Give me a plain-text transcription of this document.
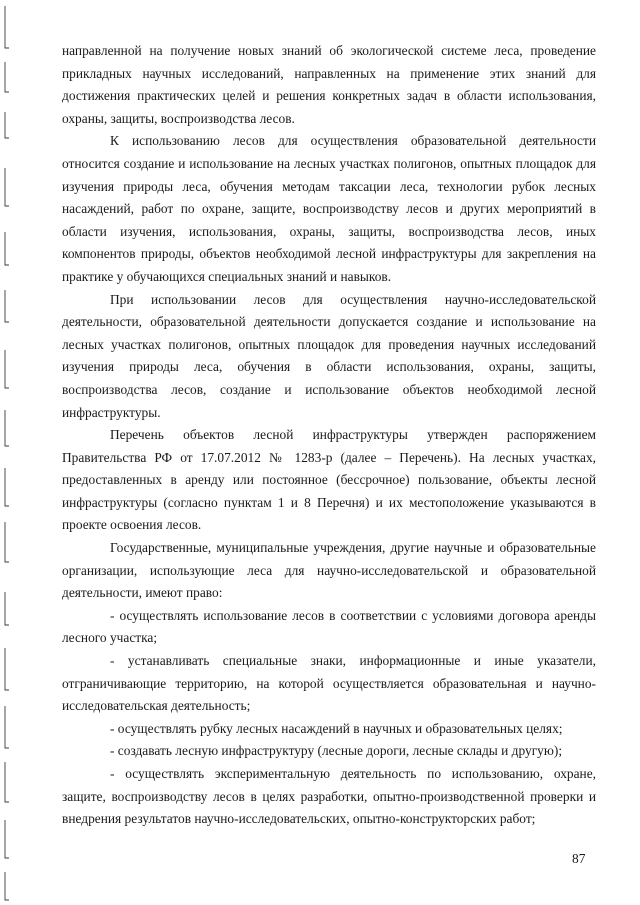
направленной на получение новых знаний об экологической системе леса, проведение прикладных научных исследований, направленных на применение этих знаний для достижения практических целей и решения конкретных задач в области использования, охраны, защиты, воспроизводства лесов.

К использованию лесов для осуществления образовательной деятельности относится создание и использование на лесных участках полигонов, опытных площадок для изучения природы леса, обучения методам таксации леса, технологии рубок лесных насаждений, работ по охране, защите, воспроизводству лесов и других мероприятий в области изучения, использования, охраны, защиты, воспроизводства лесов, иных компонентов природы, объектов необходимой лесной инфраструктуры для закрепления на практике у обучающихся специальных знаний и навыков.

При использовании лесов для осуществления научно-исследовательской деятельности, образовательной деятельности допускается создание и использование на лесных участках полигонов, опытных площадок для проведения научных исследований изучения природы леса, обучения в области использования, охраны, защиты, воспроизводства лесов, создание и использование объектов необходимой лесной инфраструктуры.

Перечень объектов лесной инфраструктуры утвержден распоряжением Правительства РФ от 17.07.2012 № 1283-р (далее – Перечень). На лесных участках, предоставленных в аренду или постоянное (бессрочное) пользование, объекты лесной инфраструктуры (согласно пунктам 1 и 8 Перечня) и их местоположение указываются в проекте освоения лесов.

Государственные, муниципальные учреждения, другие научные и образовательные организации, использующие леса для научно-исследовательской и образовательной деятельности, имеют право:

- осуществлять использование лесов в соответствии с условиями договора аренды лесного участка;

- устанавливать специальные знаки, информационные и иные указатели, отграничивающие территорию, на которой осуществляется образовательная и научно-исследовательская деятельность;

- осуществлять рубку лесных насаждений в научных и образовательных целях;

- создавать лесную инфраструктуру (лесные дороги, лесные склады и другую);

- осуществлять экспериментальную деятельность по использованию, охране, защите, воспроизводству лесов в целях разработки, опытно-производственной проверки и внедрения результатов научно-исследовательских, опытно-конструкторских работ;

87
